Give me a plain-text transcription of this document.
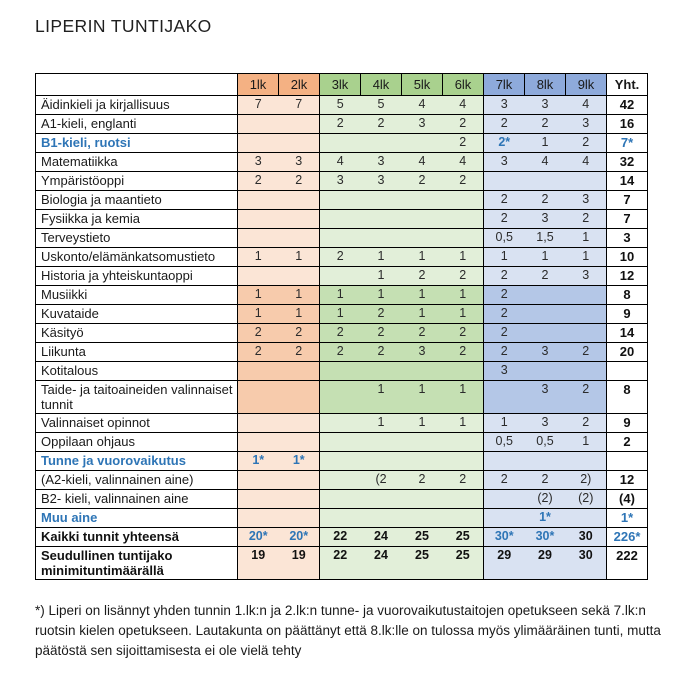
LIPERIN TUNTIJAKO
	1lk	2lk	3lk	4lk	5lk	6lk	7lk	8lk	9lk	Yht.
Äidinkieli ja kirjallisuus	7	7	5	5	4	4	3	3	4	42
A1-kieli, englanti			2	2	3	2	2	2	3	16
B1-kieli, ruotsi						2	2*	1	2	7*
Matematiikka	3	3	4	3	4	4	3	4	4	32
Ympäristöoppi	2	2	3	3	2	2				14
Biologia ja maantieto							2	2	3	7
Fysiikka ja kemia							2	3	2	7
Terveystieto							0,5	1,5	1	3
Uskonto/elämänkatsomustieto	1	1	2	1	1	1	1	1	1	10
Historia ja yhteiskuntaoppi				1	2	2	2	2	3	12
Musiikki	1	1	1	1	1	1	2			8
Kuvataide	1	1	1	2	1	1	2			9
Käsityö	2	2	2	2	2	2	2			14
Liikunta	2	2	2	2	3	2	2	3	2	20
Kotitalous							3			
Taide- ja taitoaineiden valinnaiset tunnit				1	1	1		3	2	8
Valinnaiset opinnot				1	1	1	1	3	2	9
Oppilaan ohjaus							0,5	0,5	1	2
Tunne ja vuorovaikutus	1*	1*								
(A2-kieli, valinnainen aine)				(2	2	2	2	2	2)	12
B2- kieli, valinnainen aine								(2)	(2)	(4)
Muu aine								1*		1*
Kaikki tunnit yhteensä	20*	20*	22	24	25	25	30*	30*	30	226*
Seudullinen tuntijako minimituntimäärällä	19	19	22	24	25	25	29	29	30	222

*) Liperi on lisännyt yhden tunnin 1.lk:n ja 2.lk:n tunne- ja vuorovaikutustaitojen opetukseen sekä 7.lk:n ruotsin kielen opetukseen. Lautakunta on päättänyt että 8.lk:lle on tulossa myös ylimääräinen tunti, mutta päätöstä sen sijoittamisesta ei ole vielä tehty
